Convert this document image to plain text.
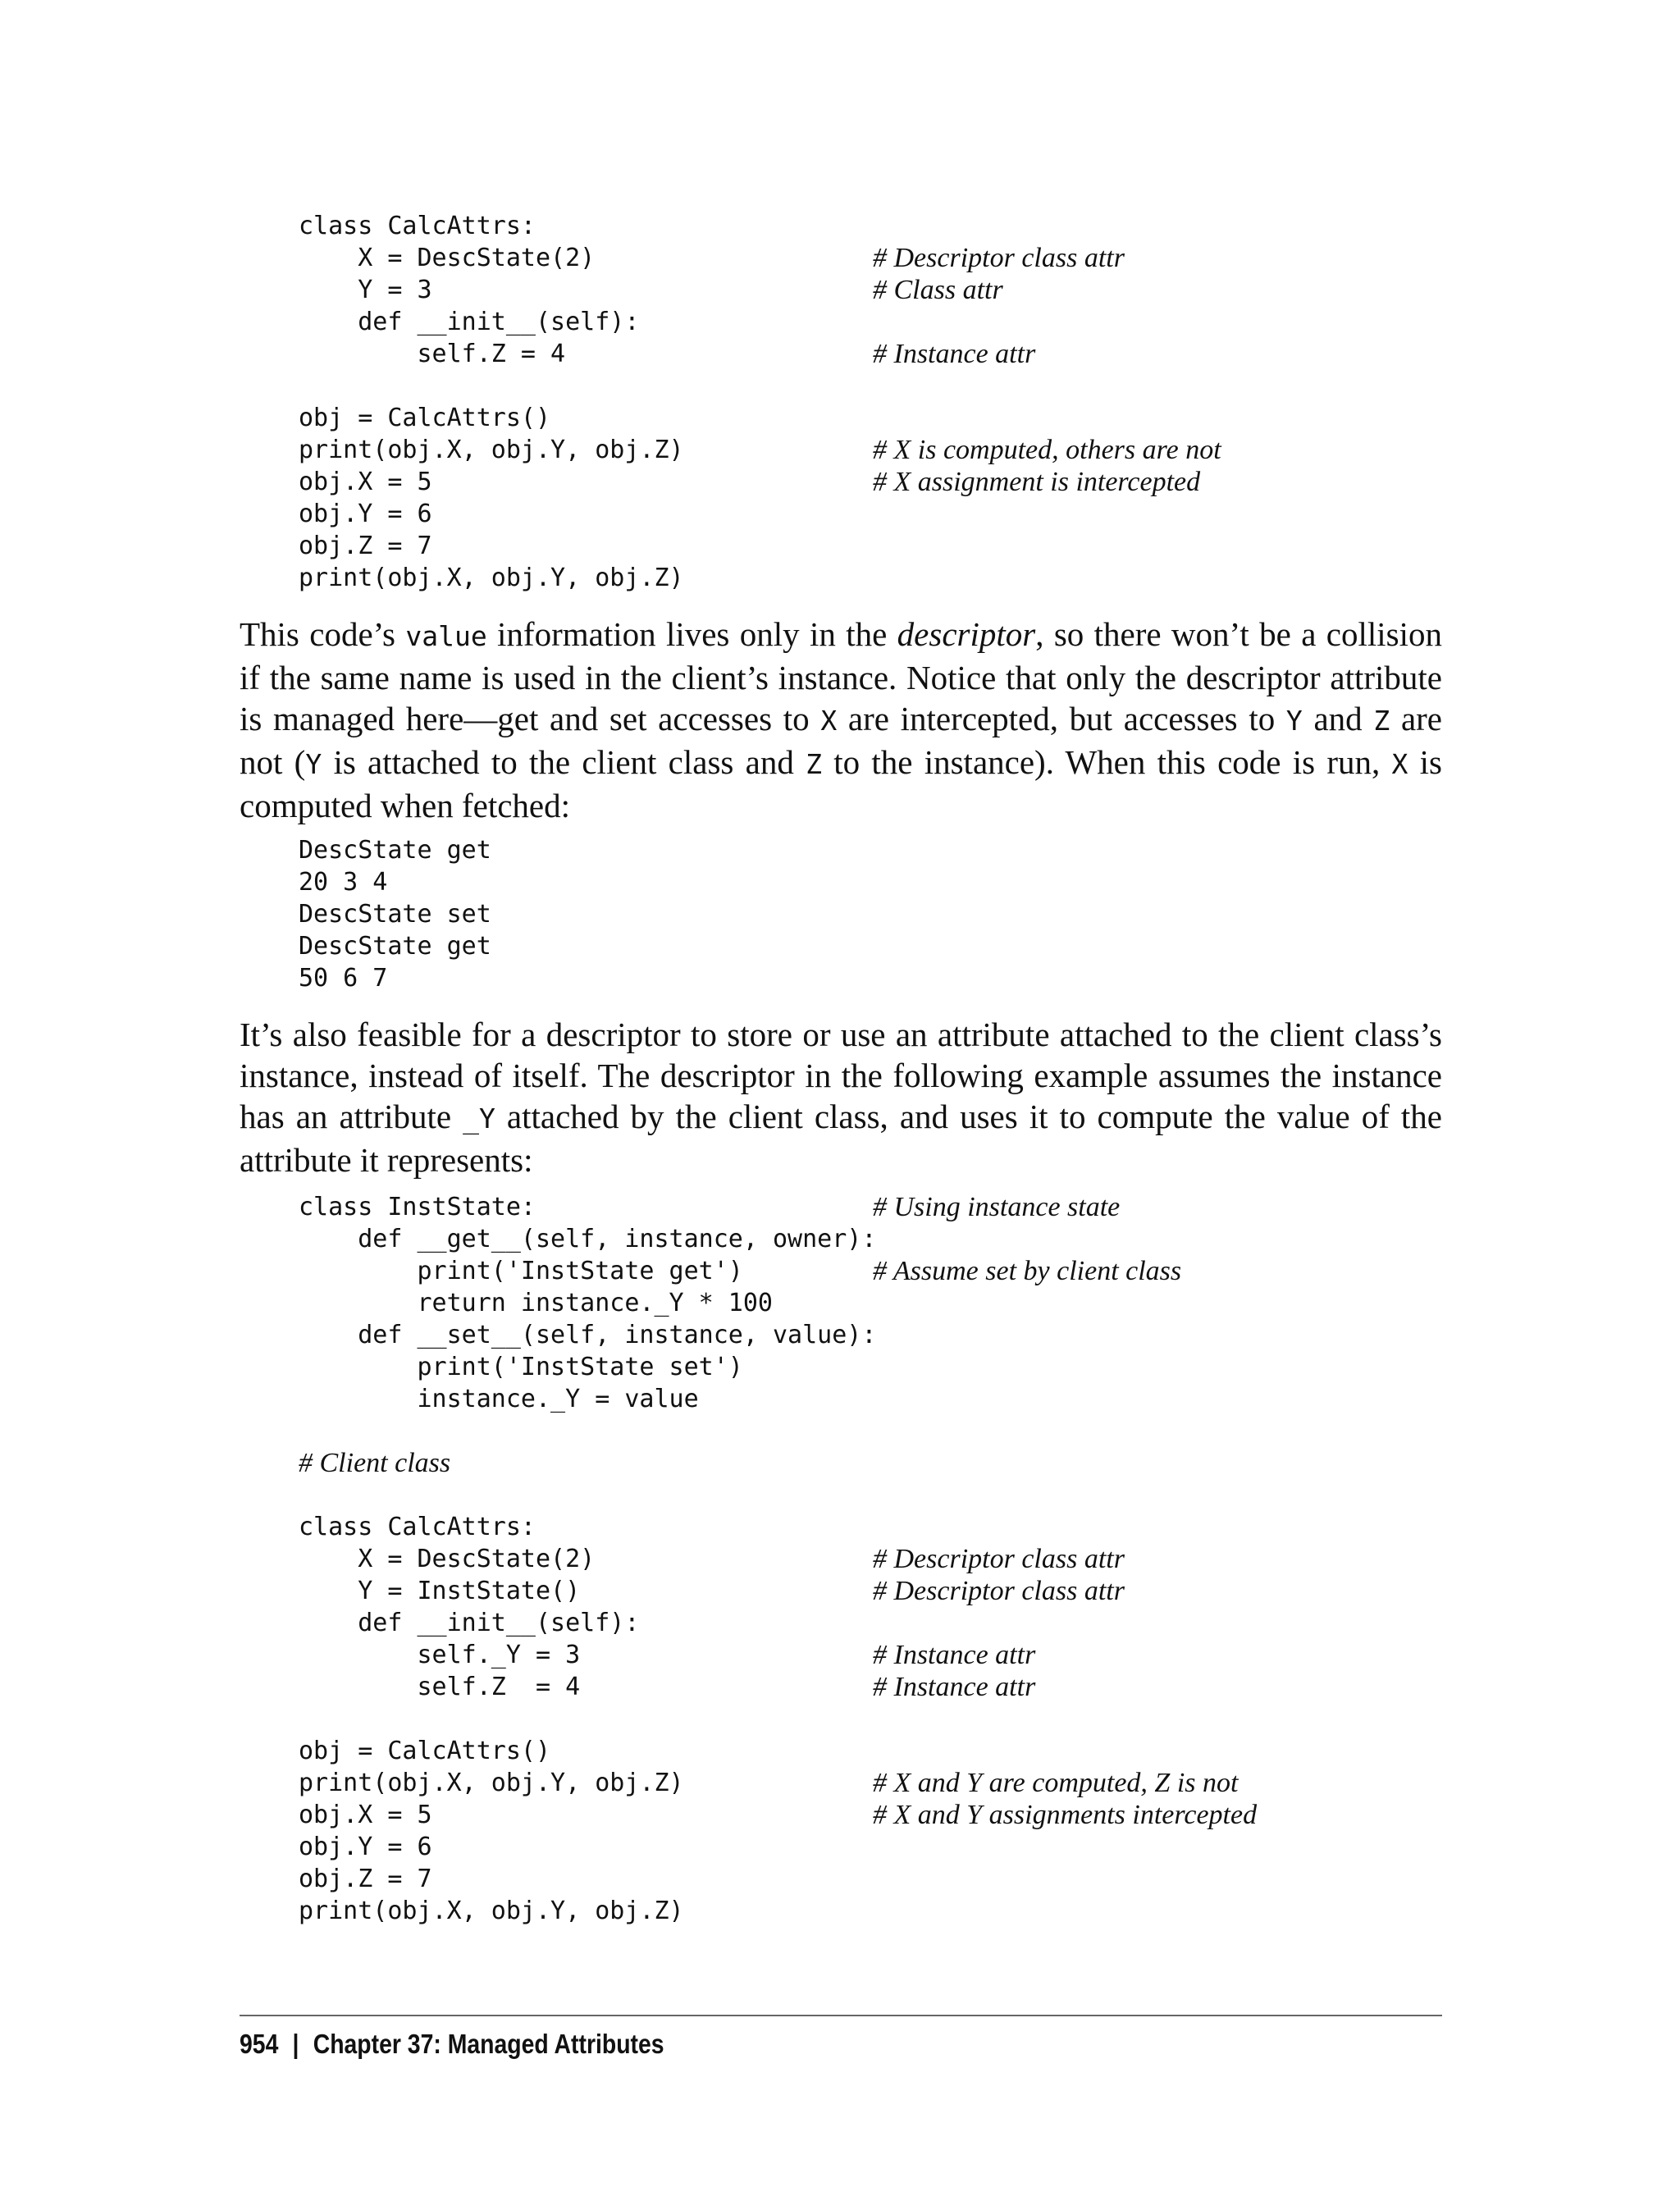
class CalcAttrs:
X = DescState(2)
Y = 3
def __init__(self):
self.Z = 4

obj = CalcAttrs()
print(obj.X, obj.Y, obj.Z)
obj.X = 5
obj.Y = 6
obj.Z = 7
print(obj.X, obj.Y, obj.Z)
# Descriptor class attr
# Class attr
# Instance attr
# X is computed, others are not
# X assignment is intercepted

This code’s value information lives only in the descriptor, so there won’t be a collision if the same name is used in the client’s instance. Notice that only the descriptor attribute is managed here—get and set accesses to X are intercepted, but accesses to Y and Z are not (Y is attached to the client class and Z to the instance). When this code is run, X is computed when fetched:

DescState get
20 3 4
DescState set
DescState get
50 6 7

It’s also feasible for a descriptor to store or use an attribute attached to the client class’s instance, instead of itself. The descriptor in the following example assumes the instance has an attribute _Y attached by the client class, and uses it to compute the value of the attribute it represents:

class InstState:
def __get__(self, instance, owner):
print('InstState get')
return instance._Y * 100
def __set__(self, instance, value):
print('InstState set')
instance._Y = value
# Using instance state
# Assume set by client class
# Client class
class CalcAttrs:
X = DescState(2)
Y = InstState()
def __init__(self):
self._Y = 3
self.Z  = 4

obj = CalcAttrs()
print(obj.X, obj.Y, obj.Z)
obj.X = 5
obj.Y = 6
obj.Z = 7
print(obj.X, obj.Y, obj.Z)
# Descriptor class attr
# Descriptor class attr
# Instance attr
# Instance attr
# X and Y are computed, Z is not
# X and Y assignments intercepted
954 | Chapter 37: Managed Attributes
